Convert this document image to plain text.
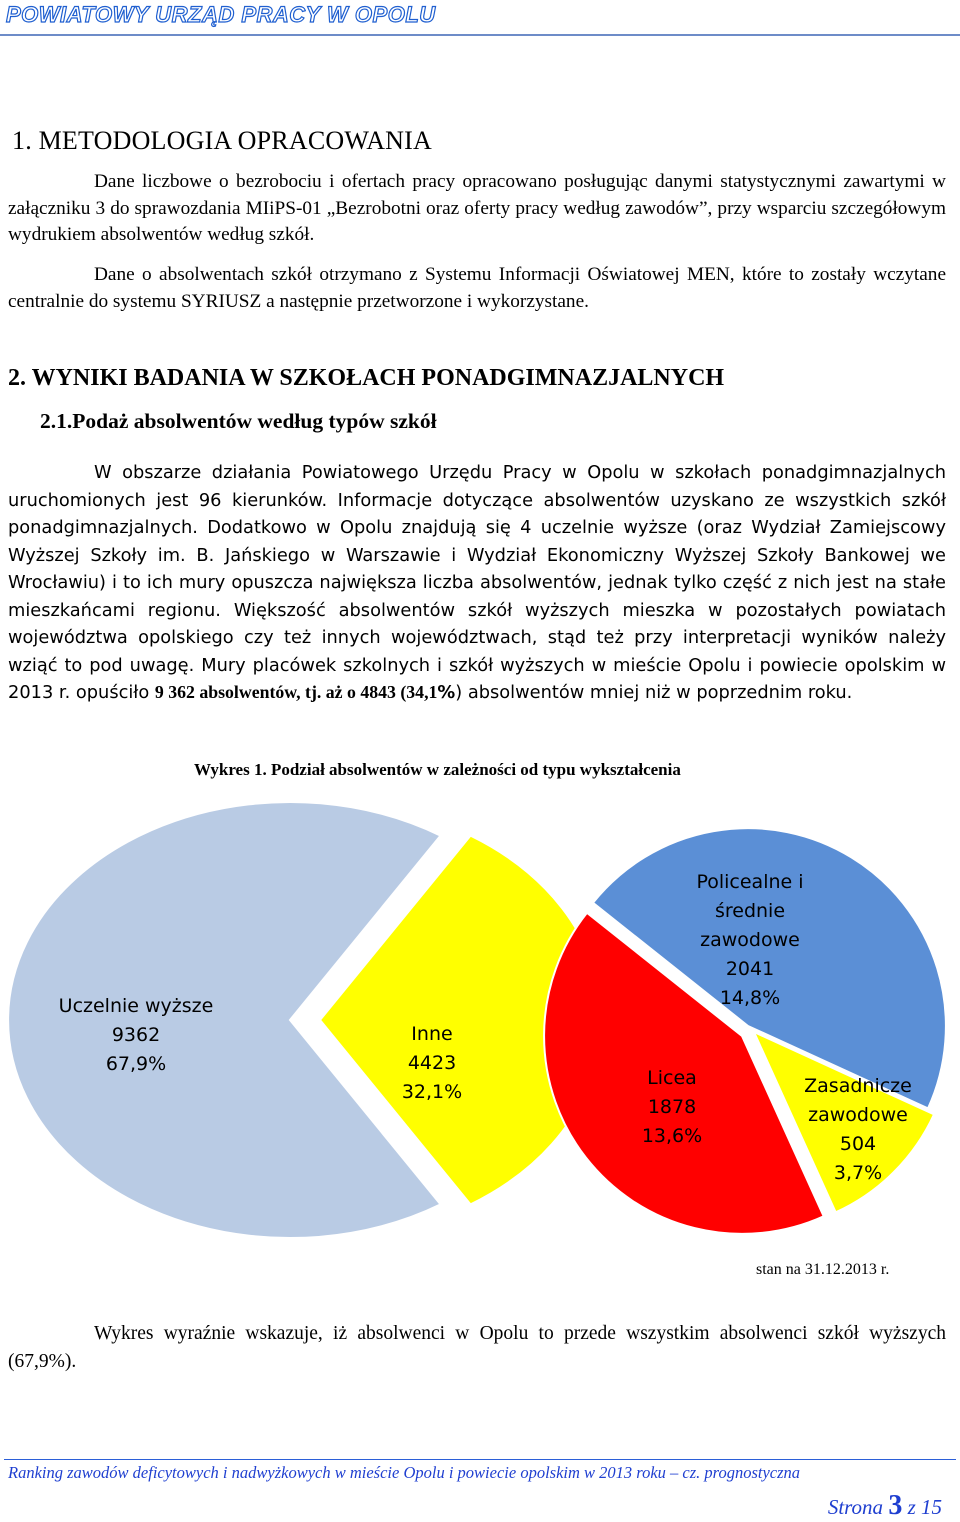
POWIATOWY URZĄD PRACY W OPOLU
1. METODOLOGIA OPRACOWANIA
Dane liczbowe o bezrobociu i ofertach pracy opracowano posługując danymi statystycznymi zawartymi w załączniku 3 do sprawozdania MIiPS-01 „Bezrobotni oraz oferty pracy według zawodów”, przy wsparciu szczegółowym wydrukiem absolwentów według szkół.
Dane o absolwentach szkół otrzymano z Systemu Informacji Oświatowej MEN, które to zostały wczytane centralnie do systemu SYRIUSZ a następnie przetworzone i wykorzystane.
2. WYNIKI BADANIA W SZKOŁACH PONADGIMNAZJALNYCH
2.1.Podaż absolwentów według typów szkół
W obszarze działania Powiatowego Urzędu Pracy w Opolu w szkołach ponadgimnazjalnych uruchomionych jest 96 kierunków. Informacje dotyczące absolwentów uzyskano ze wszystkich szkół ponadgimnazjalnych. Dodatkowo w Opolu znajdują się 4 uczelnie wyższe (oraz Wydział Zamiejscowy Wyższej Szkoły im. B. Jańskiego w Warszawie i Wydział Ekonomiczny Wyższej Szkoły Bankowej we Wrocławiu) i to ich mury opuszcza największa liczba absolwentów, jednak tylko część z nich jest na stałe mieszkańcami regionu. Większość absolwentów szkół wyższych mieszka w pozostałych powiatach województwa opolskiego czy też innych województwach, stąd też przy interpretacji wyników należy wziąć to pod uwagę. Mury placówek szkolnych i szkół wyższych w mieście Opolu i powiecie opolskim w 2013 r. opuściło 9 362 absolwentów, tj. aż o 4843 (34,1%) absolwentów mniej niż w poprzednim roku.
Wykres 1. Podział absolwentów w zależności od typu wykształcenia
Uczelnie wyższe 9362 67,9%
Inne 4423 32,1%
Policealne i średnie zawodowe 2041 14,8%
Zasadnicze zawodowe 504 3,7%
Licea 1878 13,6%
stan na 31.12.2013 r.
Wykres wyraźnie wskazuje, iż absolwenci w Opolu to przede wszystkim absolwenci szkół wyższych (67,9%).
Ranking zawodów deficytowych i nadwyżkowych w mieście Opolu i powiecie opolskim w 2013 roku – cz. prognostyczna
Strona 3 z 15
